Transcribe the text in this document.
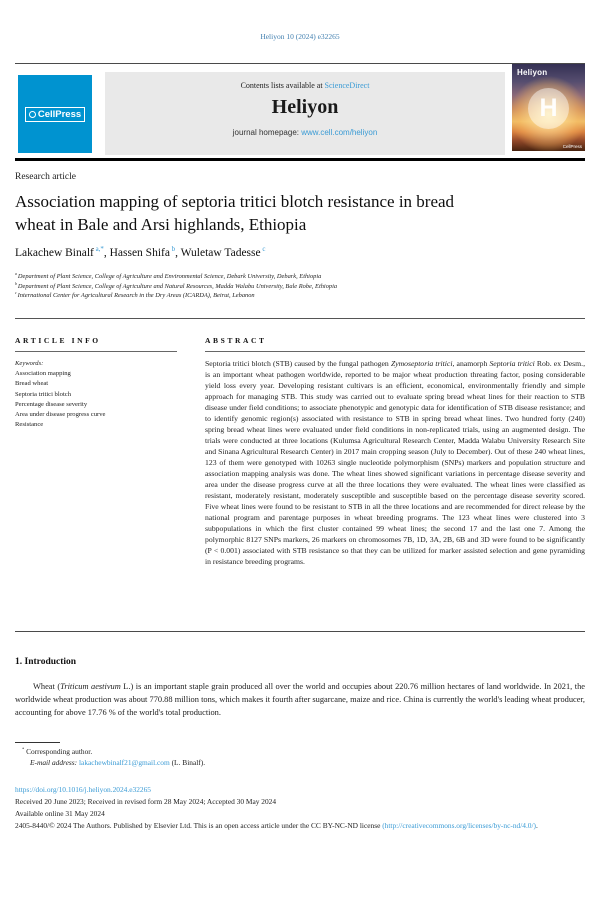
Heliyon 10 (2024) e32265
CellPress
Contents lists available at ScienceDirect
Heliyon
journal homepage: www.cell.com/heliyon
Heliyon
H
CellPress
Research article
Association mapping of septoria tritici blotch resistance in bread
wheat in Bale and Arsi highlands, Ethiopia
Lakachew Binalf $^{a,*}$, Hassen Shifa $^b$, Wuletaw Tadesse $^c$
$^a$ Department of Plant Science, College of Agriculture and Environmental Science, Debark University, Debark, Ethiopia
$^b$ Department of Plant Science, College of Agriculture and Natural Resources, Madda Walabu University, Bale Robe, Ethiopia
$^c$ International Center for Agricultural Research in the Dry Areas (ICARDA), Beirut, Lebanon
ARTICLE INFO	ABSTRACT
Keywords:
Association mapping
Bread wheat
Septoria tritici blotch
Percentage disease severity
Area under disease progress curve
Resistance
Septoria tritici blotch (STB) caused by the fungal pathogen Zymoseptoria tritici, anamorph Septoria tritici Rob. ex Desm., is an important wheat pathogen worldwide, reported to be major wheat production threating factor, posing considerable yield loss every year. Developing resistant cultivars is an efficient, economical, environmentally friendly and simple approach for managing STB. This study was carried out to evaluate spring bread wheat lines for their reaction to STB disease under field conditions; to associate phenotypic and genotypic data for identification of STB disease resistance; and to identify genomic region(s) associated with resistance to STB in spring bread wheat lines. Two hundred forty (240) spring bread wheat lines were evaluated under field conditions in non-replicated trials, using an augmented design. The trials were conducted at three locations (Kulumsa Agricultural Research Center, Madda Walabu University Research Site and Sinana Agricultural Research Center) in 2017 main cropping season (July to December). Out of these 240 wheat lines, 123 of them were genotyped with 10263 single nucleotide polymorphism (SNPs) markers and population structure and association mapping analysis was done. The wheat lines showed significant variations in percentage disease severity and area under the disease progress curve at all the three locations they were evaluated. The wheat lines were classified as resistant, moderately resistant, moderately susceptible and susceptible based on the percentage disease severity scored. Five wheat lines were found to be resistant to STB in all the three locations and are recommended for direct release by the national program and parentage purposes in wheat breeding programs. The 123 wheat lines were clustered into 3 subpopulations in which the first cluster contained 99 wheat lines; the second 17 and the last one 7. Among the polymorphic 8127 SNPs markers, 26 markers on chromosomes 7B, 1D, 3A, 2B, 6B and 3D were found to be significantly (P < 0.001) associated with STB resistance so that they can be utilized for marker assisted selection and gene pyramiding in resistance breeding programs.
1. Introduction
Wheat (Triticum aestivum L.) is an important staple grain produced all over the world and occupies about 220.76 million hectares of land worldwide. In 2021, the worldwide wheat production was about 770.88 million tons, which makes it fourth after sugarcane, maize and rice. China is currently the world's leading wheat producer, accounting for above 17.76 % of the world's total production.
* Corresponding author.
E-mail address: lakachewbinalf21@gmail.com (L. Binalf).
https://doi.org/10.1016/j.heliyon.2024.e32265
Received 20 June 2023; Received in revised form 28 May 2024; Accepted 30 May 2024
Available online 31 May 2024
2405-8440/© 2024 The Authors. Published by Elsevier Ltd. This is an open access article under the CC BY-NC-ND license (http://creativecommons.org/licenses/by-nc-nd/4.0/).
